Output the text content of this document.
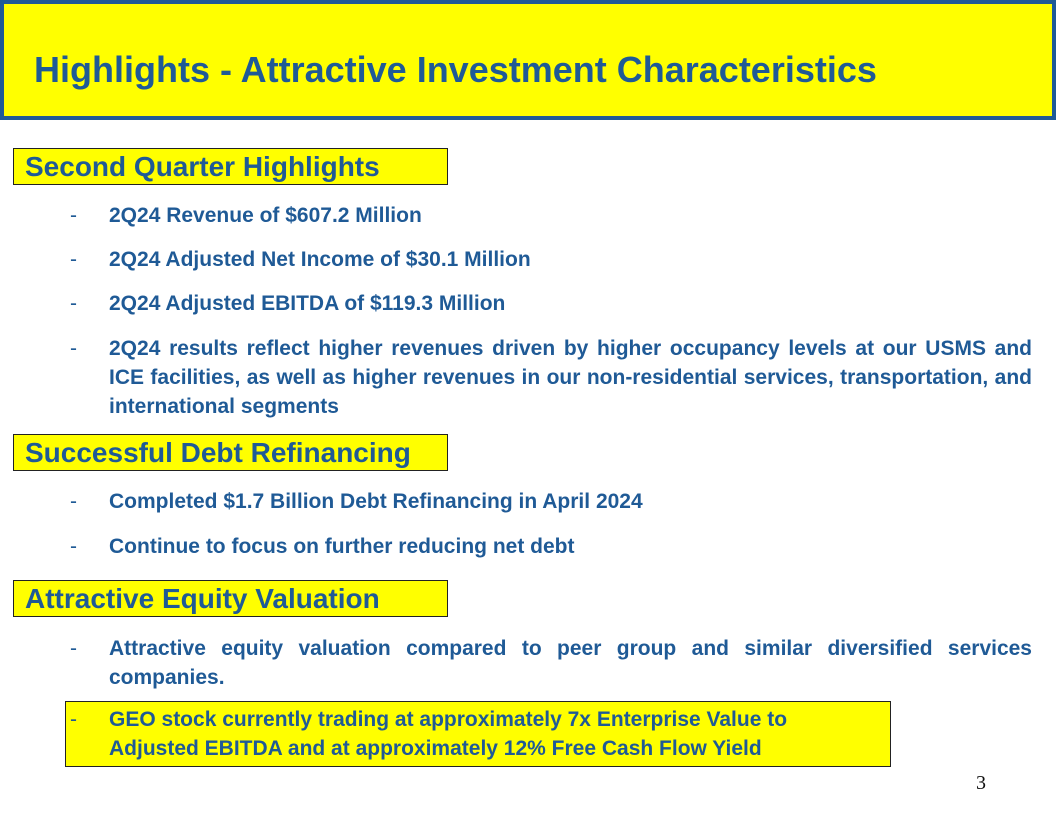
Highlights - Attractive Investment Characteristics
Second Quarter Highlights
-	2Q24 Revenue of $607.2 Million
-	2Q24 Adjusted Net Income of $30.1 Million
-	2Q24 Adjusted EBITDA of $119.3 Million
-	2Q24 results reflect higher revenues driven by higher occupancy levels at our USMS and ICE facilities, as well as higher revenues in our non-residential services, transportation, and international segments
Successful Debt Refinancing
-	Completed $1.7 Billion Debt Refinancing in April 2024
-	Continue to focus on further reducing net debt
Attractive Equity Valuation
-	Attractive equity valuation compared to peer group and similar diversified services companies.
-	GEO stock currently trading at approximately 7x Enterprise Value to Adjusted EBITDA and at approximately 12% Free Cash Flow Yield
3
